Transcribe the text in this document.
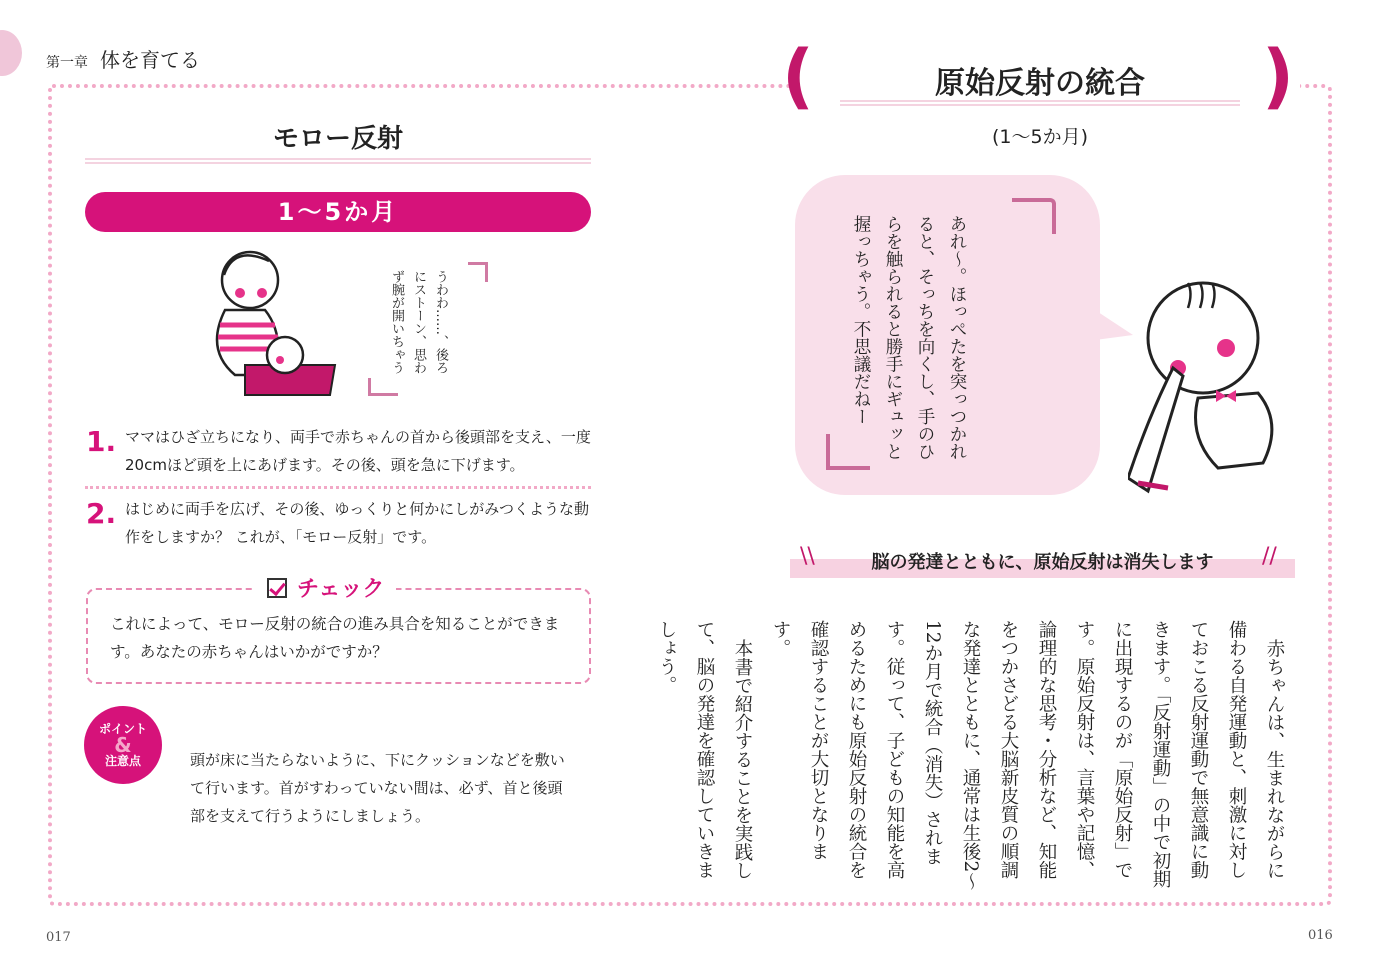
第一章 体を育てる
モロー反射
1～5か月
うわわ……、後ろにストーン、思わず腕が開いちゃう
1. ママはひざ立ちになり、両手で赤ちゃんの首から後頭部を支え、一度20cmほど頭を上にあげます。その後、頭を急に下げます。
2. はじめに両手を広げ、その後、ゆっくりと何かにしがみつくような動作をしますか？ これが、「モロー反射」です。
これによって、モロー反射の統合の進み具合を知ることができます。あなたの赤ちゃんはいかがですか？
チェック
ポイント
&
注意点	頭が床に当たらないように、下にクッションなどを敷いて行います。首がすわっていない間は、必ず、首と後頭部を支えて行うようにしましょう。
017
(	)
原始反射の統合
(1～5か月)
あれ～。ほっぺたを突っつかれると、そっちを向くし、手のひらを触られると勝手にギュッと握っちゃう。不思議だねー
\\	//
脳の発達とともに、原始反射は消失します

赤ちゃんは、生まれながらに備わる自発運動と、刺激に対しておこる反射運動で無意識に動きます。「反射運動」の中で初期に出現するのが「原始反射」です。原始反射は、言葉や記憶、論理的な思考・分析など、知能をつかさどる大脳新皮質の順調な発達とともに、通常は生後2～12か月で統合（消失）されます。従って、子どもの知能を高めるためにも原始反射の統合を確認することが大切となります。

本書で紹介することを実践して、脳の発達を確認していきましょう。

016
